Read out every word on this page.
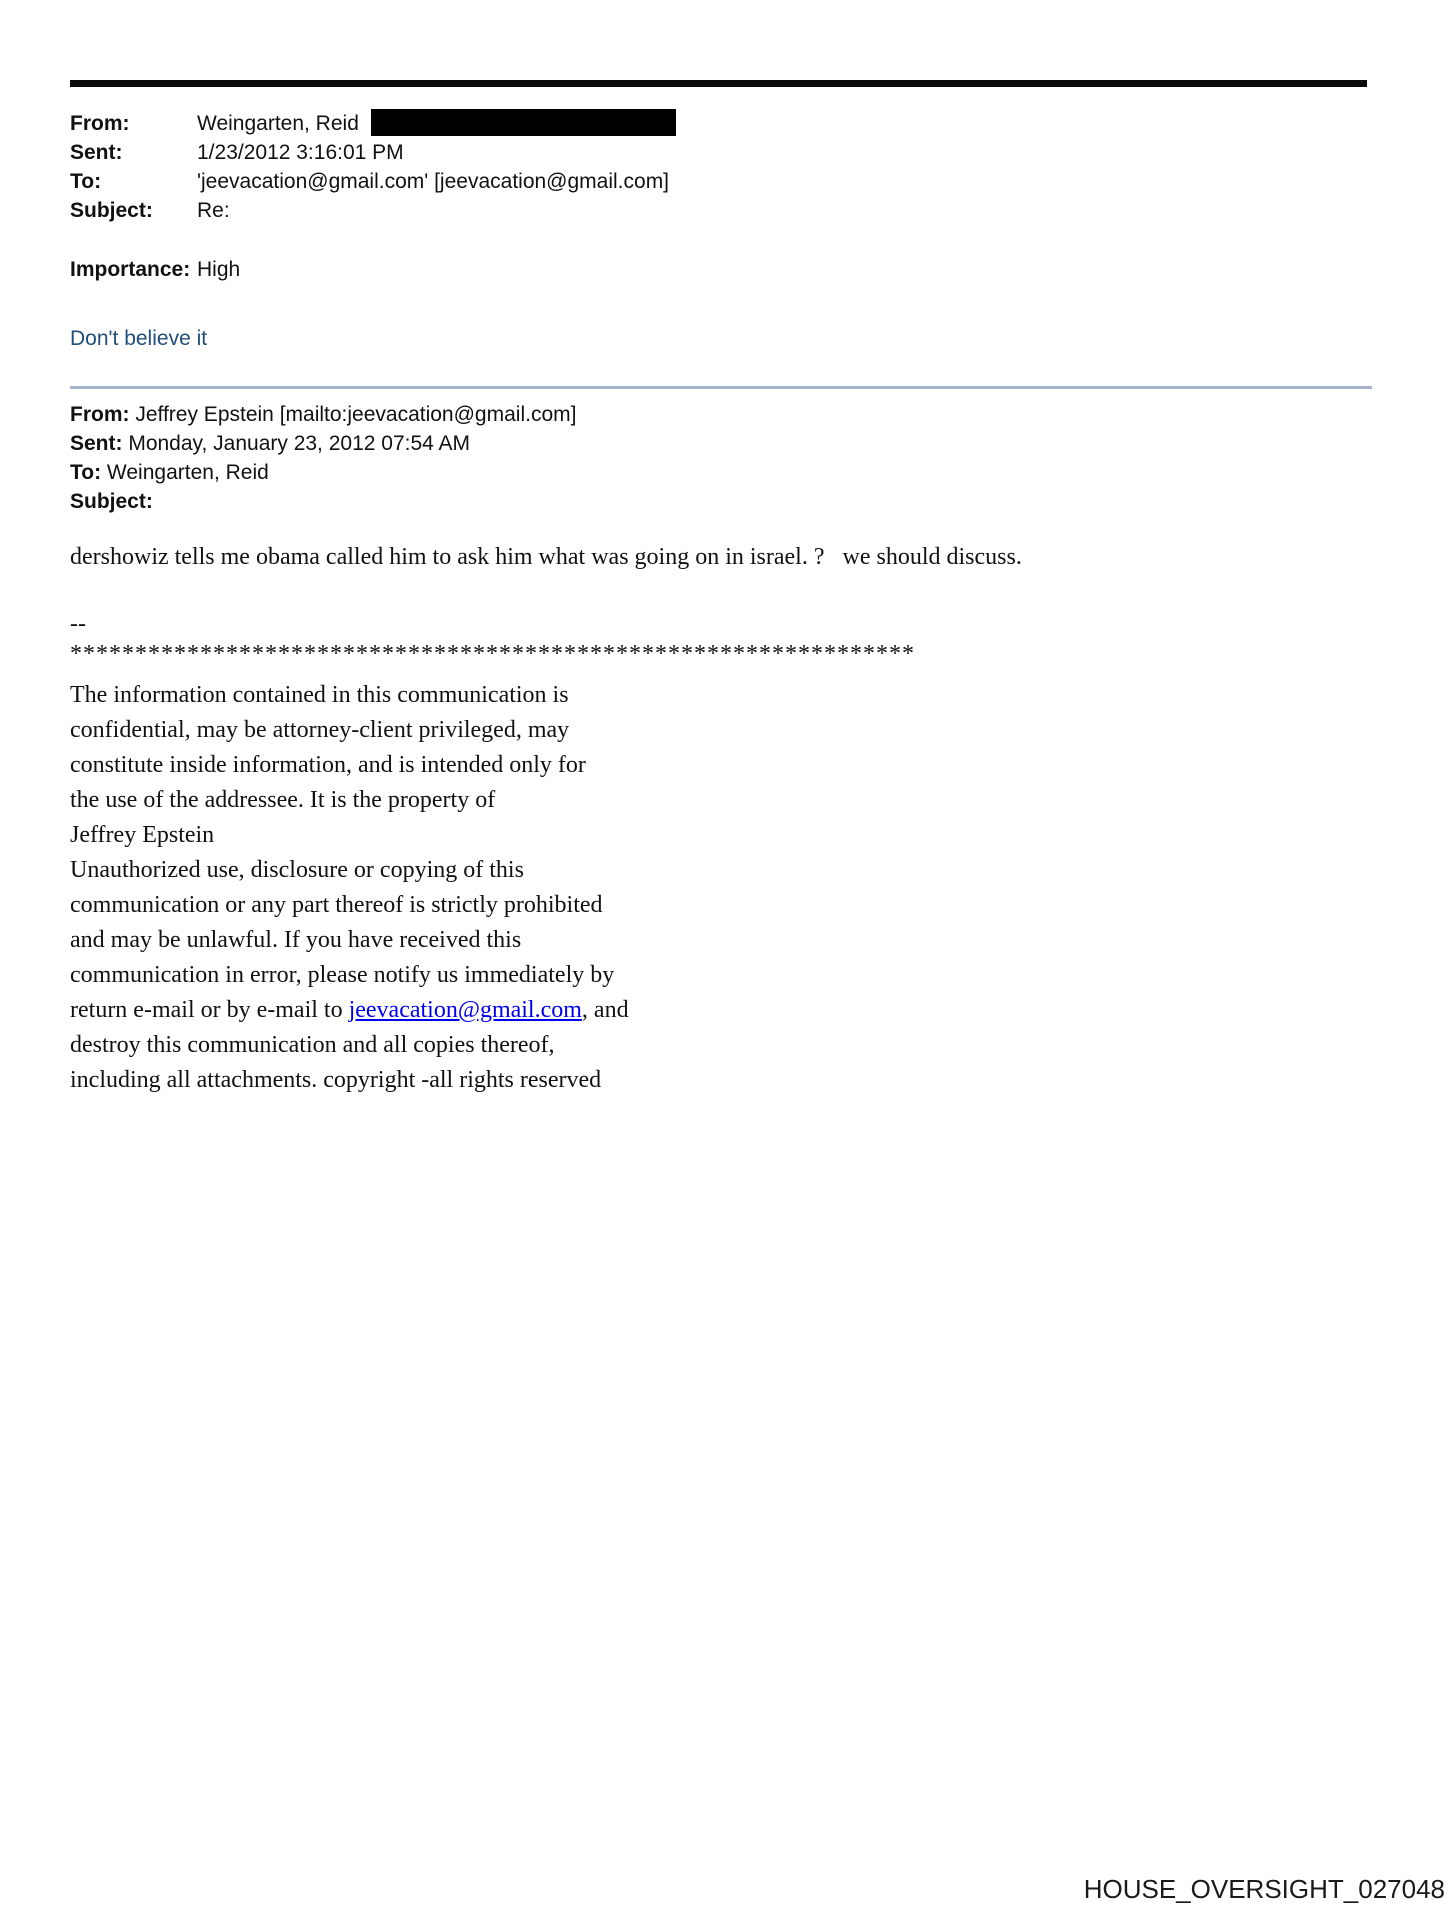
From:	Weingarten, Reid
Sent:	1/23/2012 3:16:01 PM
To:	'jeevacation@gmail.com' [jeevacation@gmail.com]
Subject:	Re:
Importance: High
Don't believe it
From: Jeffrey Epstein [mailto:jeevacation@gmail.com]
Sent: Monday, January 23, 2012 07:54 AM
To: Weingarten, Reid
Subject:
dershowiz tells me obama called him to ask him what was going on in israel. ?   we should discuss.
--
*****************************************************************
The information contained in this communication is
confidential, may be attorney-client privileged, may
constitute inside information, and is intended only for
the use of the addressee. It is the property of
Jeffrey Epstein
Unauthorized use, disclosure or copying of this
communication or any part thereof is strictly prohibited
and may be unlawful. If you have received this
communication in error, please notify us immediately by
return e-mail or by e-mail to jeevacation@gmail.com, and
destroy this communication and all copies thereof,
including all attachments. copyright -all rights reserved
HOUSE_OVERSIGHT_027048
